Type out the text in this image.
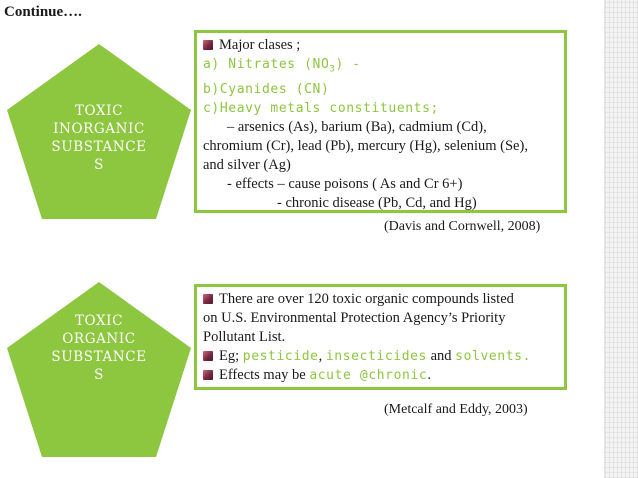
Continue….
TOXIC
INORGANIC
SUBSTANCE
S
Major clases ;
a) Nitrates $(NO_3)$ -
b)Cyanides (CN)
c)Heavy metals constituents;
– arsenics (As), barium (Ba), cadmium (Cd),
chromium (Cr), lead (Pb), mercury (Hg), selenium (Se),
and silver (Ag)
- effects – cause poisons ( As and Cr 6+)
- chronic disease (Pb, Cd, and Hg)
(Davis and Cornwell, 2008)
TOXIC
ORGANIC
SUBSTANCE
S
There are over 120 toxic organic compounds listed
on U.S. Environmental Protection Agency’s Priority
Pollutant List.
Eg; pesticide, insecticides and solvents.
Effects may be acute @chronic.
(Metcalf and Eddy, 2003)
